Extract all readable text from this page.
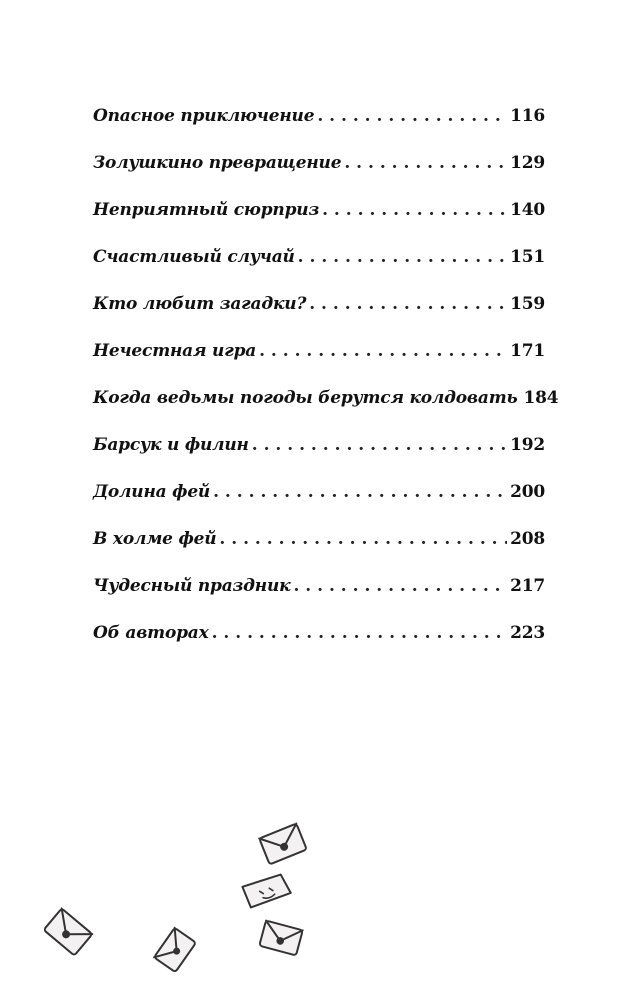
Опасное приключение . . .	116
Золушкино превращение . . .	129
Неприятный сюрприз . . .	140
Счастливый случай . . .	151
Кто любит загадки? . . .	159
Нечестная игра . . .	171
Когда ведьмы погоды берутся колдовать 184
Барсук и филин . . .	192
Долина фей . . .	200
В холме фей . . .	208
Чудесный праздник . . .	217
Об авторах . . .	223
